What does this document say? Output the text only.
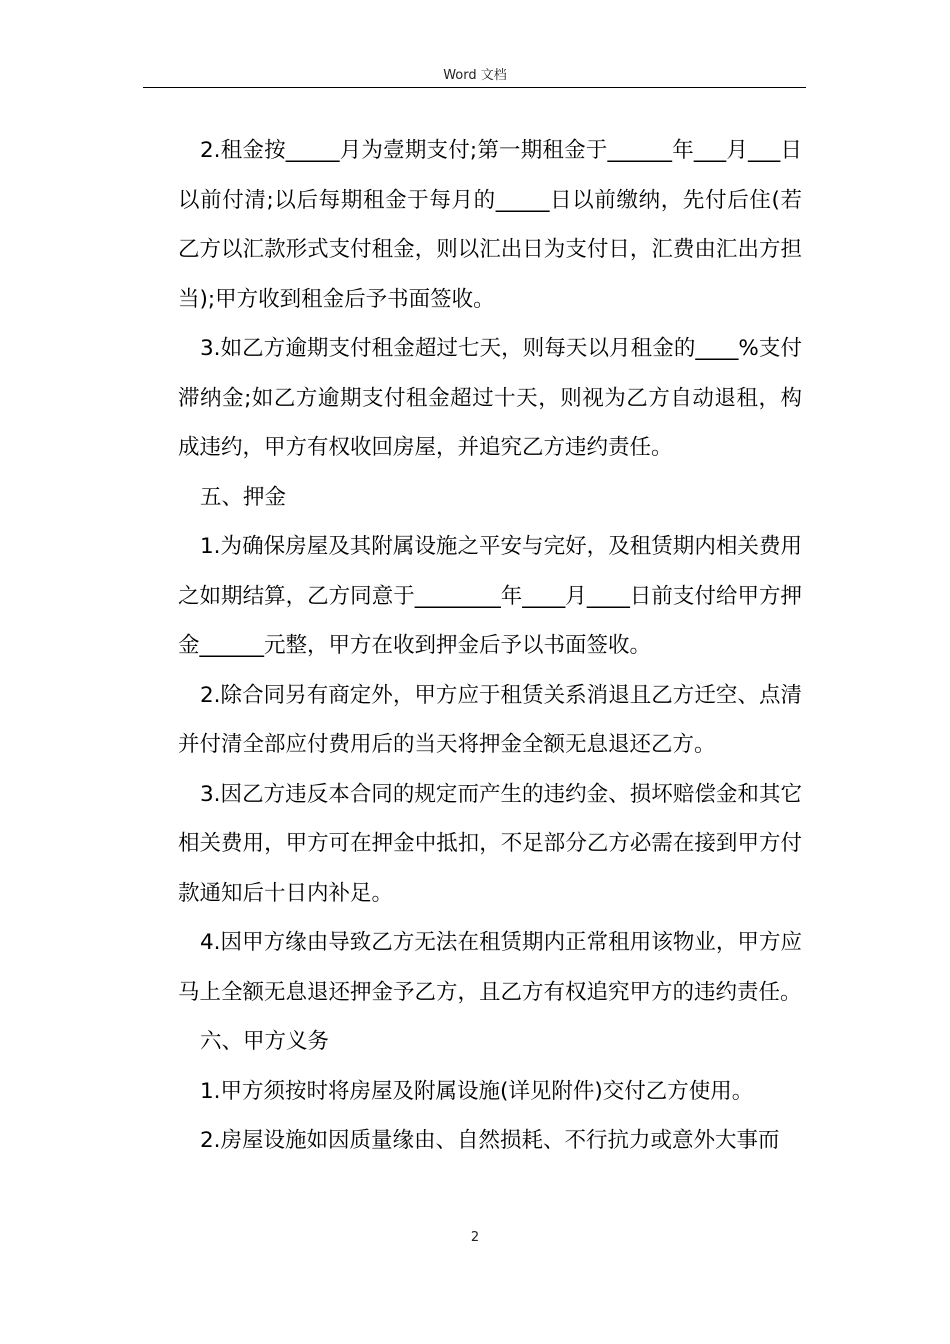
Word 文档

2.租金按_____月为壹期支付;第一期租金于______年___月___日以前付清;以后每期租金于每月的_____日以前缴纳，先付后住(若乙方以汇款形式支付租金，则以汇出日为支付日，汇费由汇出方担当);甲方收到租金后予书面签收。

3.如乙方逾期支付租金超过七天，则每天以月租金的____%支付滞纳金;如乙方逾期支付租金超过十天，则视为乙方自动退租，构成违约，甲方有权收回房屋，并追究乙方违约责任。

五、押金

1.为确保房屋及其附属设施之平安与完好，及租赁期内相关费用之如期结算，乙方同意于________年____月____日前支付给甲方押金______元整，甲方在收到押金后予以书面签收。

2.除合同另有商定外，甲方应于租赁关系消退且乙方迁空、点清并付清全部应付费用后的当天将押金全额无息退还乙方。

3.因乙方违反本合同的规定而产生的违约金、损坏赔偿金和其它相关费用，甲方可在押金中抵扣，不足部分乙方必需在接到甲方付款通知后十日内补足。

4.因甲方缘由导致乙方无法在租赁期内正常租用该物业，甲方应马上全额无息退还押金予乙方，且乙方有权追究甲方的违约责任。

六、甲方义务

1.甲方须按时将房屋及附属设施(详见附件)交付乙方使用。

2.房屋设施如因质量缘由、自然损耗、不行抗力或意外大事而

2
